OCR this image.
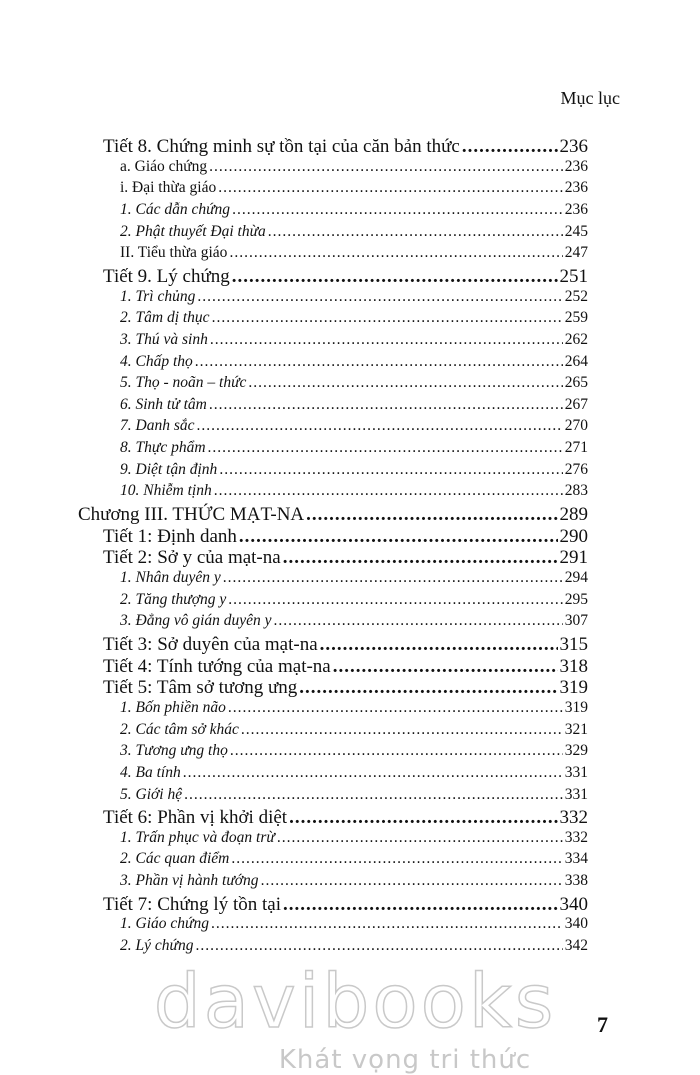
Mục lục
Tiết 8. Chứng minh sự tồn tại của căn bản thức .....	236
a. Giáo chứng .....	236
i. Đại thừa giáo .....	236
1. Các dẫn chứng .....	236
2. Phật thuyết Đại thừa .....	245
II. Tiểu thừa giáo .....	247
Tiết 9. Lý chứng .....	251
1. Trì chủng .....	252
2. Tâm dị thục .....	259
3. Thú và sinh .....	262
4. Chấp thọ .....	264
5. Thọ - noãn – thức .....	265
6. Sinh tử tâm .....	267
7. Danh sắc .....	270
8. Thực phẩm .....	271
9. Diệt tận định .....	276
10. Nhiễm tịnh .....	283
Chương III. THỨC MẠT-NA .....	289
Tiết 1: Định danh .....	290
Tiết 2: Sở y của mạt-na .....	291
1. Nhân duyên y .....	294
2. Tăng thượng y .....	295
3. Đẳng vô gián duyên y .....	307
Tiết 3: Sở duyên của mạt-na .....	315
Tiết 4: Tính tướng của mạt-na .....	318
Tiết 5: Tâm sở tương ưng .....	319
1. Bốn phiền não .....	319
2. Các tâm sở khác .....	321
3. Tương ưng thọ .....	329
4. Ba tính .....	331
5. Giới hệ .....	331
Tiết 6: Phần vị khởi diệt .....	332
1. Trấn phục và đoạn trừ .....	332
2. Các quan điểm .....	334
3. Phần vị hành tướng .....	338
Tiết 7: Chứng lý tồn tại .....	340
1. Giáo chứng .....	340
2. Lý chứng .....	342
7
davibooks
Khát vọng tri thức
